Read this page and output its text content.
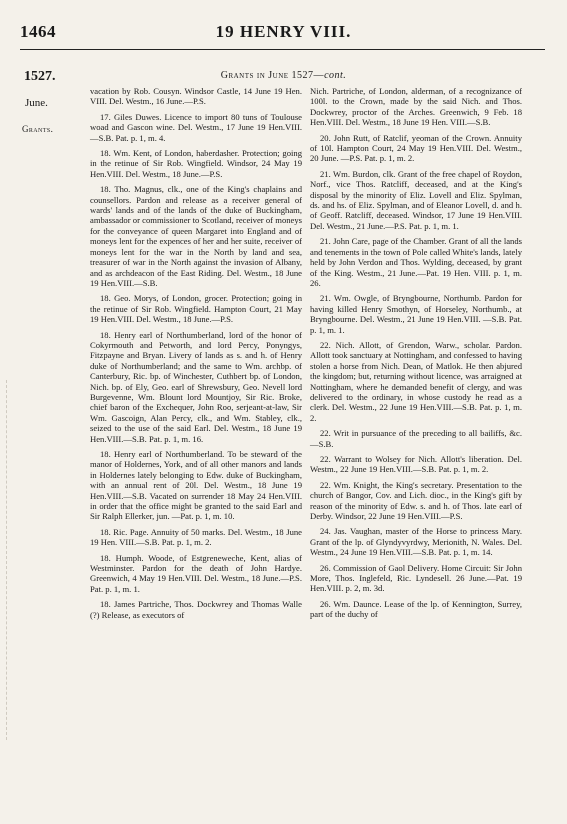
1464	19 HENRY VIII.
1527.	Grants in June 1527—cont.
June.
Grants.

vacation by Rob. Cousyn. Windsor Castle, 14 June 19 Hen. VIII. Del. Westm., 16 June.—P.S.

17. Giles Duwes. Licence to import 80 tuns of Toulouse woad and Gascon wine. Del. Westm., 17 June 19 Hen.VIII.—S.B. Pat. p. 1, m. 4.

18. Wm. Kent, of London, haberdasher. Protection; going in the retinue of Sir Rob. Wingfield. Windsor, 24 May 19 Hen.VIII. Del. Westm., 18 June.—P.S.

18. Tho. Magnus, clk., one of the King's chaplains and counsellors. Pardon and release as a receiver general of wards' lands and of the lands of the duke of Buckingham, ambassador or commissioner to Scotland, receiver of moneys for the conveyance of queen Margaret into England and of moneys lent for the expences of her and her suite, receiver of moneys lent for the war in the North by land and sea, treasurer of war in the North against the invasion of Albany, and as archdeacon of the East Riding. Del. Westm., 18 June 19 Hen.VIII.—S.B.

18. Geo. Morys, of London, grocer. Protection; going in the retinue of Sir Rob. Wingfield. Hampton Court, 21 May 19 Hen.VIII. Del. Westm., 18 June.—P.S.

18. Henry earl of Northumberland, lord of the honor of Cokyrmouth and Petworth, and lord Percy, Ponyngys, Fitzpayne and Bryan. Livery of lands as s. and h. of Henry duke of Northumberland; and the same to Wm. archbp. of Canterbury, Ric. bp. of Winchester, Cuthbert bp. of London, Nich. bp. of Ely, Geo. earl of Shrewsbury, Geo. Nevell lord Burgevenne, Wm. Blount lord Mountjoy, Sir Ric. Broke, chief baron of the Exchequer, John Roo, serjeant-at-law, Sir Wm. Gascoign, Alan Percy, clk., and Wm. Stabley, clk., seized to the use of the said Earl. Del. Westm., 18 June 19 Hen.VIII.—S.B. Pat. p. 1, m. 16.

18. Henry earl of Northumberland. To be steward of the manor of Holdernes, York, and of all other manors and lands in Holdernes lately belonging to Edw. duke of Buckingham, with an annual rent of 20l. Del. Westm., 18 June 19 Hen.VIII.—S.B. Vacated on surrender 18 May 24 Hen.VIII. in order that the office might be granted to the said Earl and Sir Ralph Ellerker, jun. —Pat. p. 1, m. 10.

18. Ric. Page. Annuity of 50 marks. Del. Westm., 18 June 19 Hen. VIII.—S.B. Pat. p. 1, m. 2.

18. Humph. Woode, of Estgreneweche, Kent, alias of Westminster. Pardon for the death of John Hardye. Greenwich, 4 May 19 Hen.VIII. Del. Westm., 18 June.—P.S. Pat. p. 1, m. 1.

18. James Partriche, Thos. Dockwrey and Thomas Walle (?) Release, as executors of

Nich. Partriche, of London, alderman, of a recognizance of 100l. to the Crown, made by the said Nich. and Thos. Dockwrey, proctor of the Arches. Greenwich, 9 Feb. 18 Hen.VIII. Del. Westm., 18 June 19 Hen. VIII.—S.B.

20. John Rutt, of Ratclif, yeoman of the Crown. Annuity of 10l. Hampton Court, 24 May 19 Hen.VIII. Del. Westm., 20 June. —P.S. Pat. p. 1, m. 2.

21. Wm. Burdon, clk. Grant of the free chapel of Roydon, Norf., vice Thos. Ratcliff, deceased, and at the King's disposal by the minority of Eliz. Lovell and Eliz. Spylman, ds. and hs. of Eliz. Spylman, and of Eleanor Lovell, d. and h. of Geoff. Ratcliff, deceased. Windsor, 17 June 19 Hen.VIII. Del. Westm., 21 June.—P.S. Pat. p. 1, m. 1.

21. John Care, page of the Chamber. Grant of all the lands and tenements in the town of Pole called White's lands, lately held by John Verdon and Thos. Wylding, deceased, by grant of the King. Westm., 21 June.—Pat. 19 Hen. VIII. p. 1, m. 26.

21. Wm. Owgle, of Bryngbourne, Northumb. Pardon for having killed Henry Smothyn, of Horseley, Northumb., at Bryngbourne. Del. Westm., 21 June 19 Hen.VIII. —S.B. Pat. p. 1, m. 1.

22. Nich. Allott, of Grendon, Warw., scholar. Pardon. Allott took sanctuary at Nottingham, and confessed to having stolen a horse from Nich. Dean, of Matlok. He then abjured the kingdom; but, returning without licence, was arraigned at Nottingham, where he demanded benefit of clergy, and was delivered to the ordinary, in whose custody he read as a clerk. Del. Westm., 22 June 19 Hen.VIII.—S.B. Pat. p. 1, m. 2.

22. Writ in pursuance of the preceding to all bailiffs, &c.—S.B.

22. Warrant to Wolsey for Nich. Allott's liberation. Del. Westm., 22 June 19 Hen.VIII.—S.B. Pat. p. 1, m. 2.

22. Wm. Knight, the King's secretary. Presentation to the church of Bangor, Cov. and Lich. dioc., in the King's gift by reason of the minority of Edw. s. and h. of Thos. late earl of Derby. Windsor, 22 June 19 Hen.VIII.—P.S.

24. Jas. Vaughan, master of the Horse to princess Mary. Grant of the lp. of Glyndyvyrdwy, Merionith, N. Wales. Del. Westm., 24 June 19 Hen.VIII.—S.B. Pat. p. 1, m. 14.

26. Commission of Gaol Delivery. Home Circuit: Sir John More, Thos. Inglefeld, Ric. Lyndesell. 26 June.—Pat. 19 Hen.VIII. p. 2, m. 3d.

26. Wm. Daunce. Lease of the lp. of Kennington, Surrey, part of the duchy of
